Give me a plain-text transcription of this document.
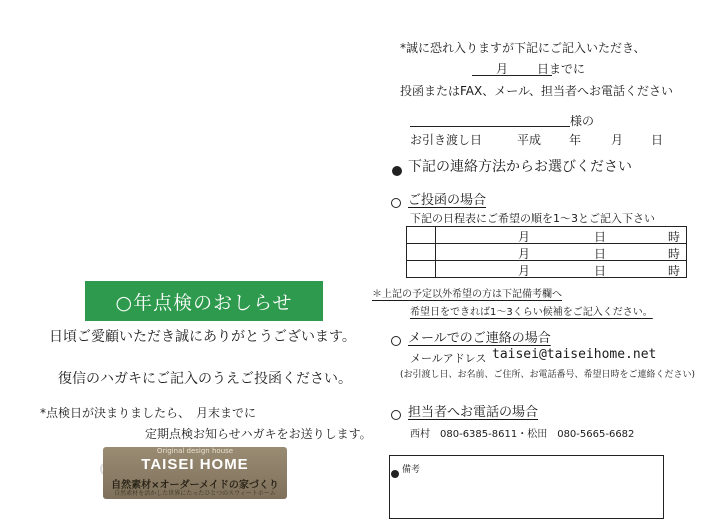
○年点検のおしらせ
日頃ご愛顧いただき誠にありがとうございます。
復信のハガキにご記入のうえご投函ください。
*点検日が決まりましたら、　月末までに
定期点検お知らせハガキをお送りします。
Original design house
TAISEI HOME
自然素材×オーダーメイドの家づくり
自然素材を活かした世界にたったひとつのスウィートホーム
*誠に恐れ入りますが下記にご記入いただき、
月 日までに
投函またはFAX、メール、担当者へお電話ください
様の
お引き渡し日	平成 年 月 日
下記の連絡方法からお選びください
ご投函の場合
下記の日程表にご希望の順を1〜3とご記入下さい

	月 日 時

	月 日 時

	月 日 時
＊上記の予定以外希望の方は下記備考欄へ
希望日をできれば1〜3くらい候補をご記入ください。
メールでのご連絡の場合
メールアドレス taisei@taiseihome.net
(お引渡し日、お名前、ご住所、お電話番号、希望日時をご連絡ください)
担当者へお電話の場合
西村　080-6385-8611・松田　080-5665-6682
備考
